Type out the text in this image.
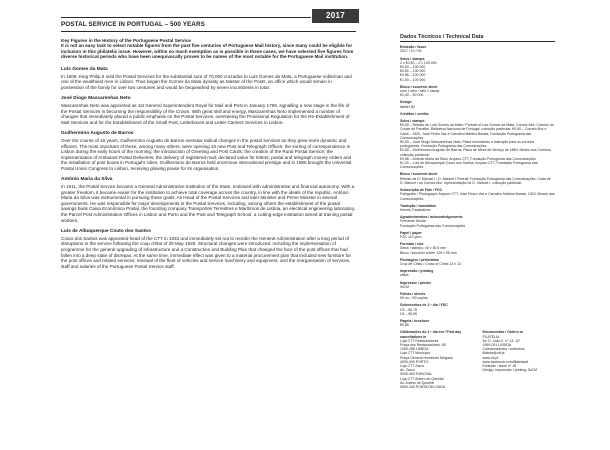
2017
POSTAL SERVICE IN PORTUGAL – 500 YEARS
Key Figures in the History of the Portuguese Postal Service

It is not an easy task to select notable figures from the past five centuries of Portuguese Mail history, since many could be eligible for inclusion in this philatelic issue. However, within so much exemption as is possible in these cases, we have selected five figures from diverse historical periods who have been unequivocally proven to be names of the most notable for the Portuguese Mail institution.

Luís Gomes da Mata

In 1606, King Philip II sold the Postal Services for the substantial sum of 70,000 cruzados to Luís Gomes da Mata, a Portuguese nobleman and one of the wealthiest men in Lisbon. Thus began the Gomes da Mata dynasty as Master of the Posts, an office which would remain in possession of the family for over two centuries and would be bequeathed by seven incumbents in total.

José Diogo Mascarenhas Neto

Mascarenhas Neto was appointed as 1st General Superintendent Royal for Mail and Post in January 1799, signalling a new stage in the life of the Postal Services in becoming the responsibility of the Crown. With great skill and energy, Mascarenhas Neto implemented a number of changes that immediately placed a public emphasis on the Postal Services, overseeing the Provisional Regulation for the Re-Establishment of Mail Services and for the Establishment of the Small Post, Letterboxes and Letter Carriers Services in Lisbon.

Guilhermino Augusto de Barros

Over the course of 16 years, Guilhermino Augusto de Barros oversaw radical changes in the postal services as they grew more dynamic and efficient. The most important of these, among many others, were opening 33 new Post and Telegraph Offices; the sorting of correspondence in Lisbon during the early hours of the morning; the introduction of Greeting and Post Cards; the creation of the Rural Postal Service; the implementation of Ambulant Postal Deliveries; the delivery of registered mail; declared value for letters; postal and telegraph money orders and the installation of post boxes in Portugal's cities. Guilhermino de Barros held enormous international prestige and in 1885 brought the Universal Postal Union Congress to Lisbon, receiving glowing praise for its organisation.

António Maria da Silva

In 1911, the Postal Service became a General Administrative Institution of the State, endowed with administrative and financial autonomy. With a greater freedom, it became easier for the institution to achieve total coverage across the country, in line with the ideals of the republic. António Maria da Silva was instrumental in pursuing these goals. As Head of the Postal Services and later Minister and Prime Minister in several governments. He was responsible for major developments in the Postal Services, including, among others the establishment of the postal savings bank Caixa Económica Postal, the founding company Transportes Terrestres e Marítimos de Lisboa, an electrical engineering laboratory, the Parcel Post Administration Offices in Lisbon and Porto and the Post and Telegraph School, a cutting-edge institution aimed at training postal workers.

Luís de Albuquerque Couto dos Santos

Couto dos Santos was appointed head of the CTT in 1933 and immediately set out to reorder the General Administration after a long period of disruptions to the service following the coup d'état of 28 May 1926. Structural changes were introduced, including the implementation of programme for the general upgrading of infrastructure and a Construction and Building Plan that changed the face of the post offices that had fallen into a deep state of disrepair. At the same time, immediate effect was given to a material procurement plan that included new furniture for the post offices and related services; renewal of the fleet of vehicles and service machinery and equipment, and the reorganisation of services, staff and salaries of the Portuguese Postal Service staff.

Dados Técnicos / Technical Data
Emissão / Issue
2017 / 10 / 09
Selos / stamps
2 x €0,50 – 2 x 100 000
€0,53 – 100 000
€0,80 – 100 000
€0,86 – 100 000
€1,00 – 100 000
Bloco / souvenir sheet
com 1 selo / with 1 stamp
€1,40 – 50 000
Design
Atelier B2
Créditos / credits
Selos / stamps
€0,50 – Retrato de Luís Gomes da Mata / Portrait of Luís Gomes da Mata, Correio-Mor; Cartório do Conde de Penafiel, Biblioteca Nacional de Portugal, colecção particular. €0,50 – Correio-Mor e Carta – 1520, José Pedro Vaz e Carvalho Martins Barata, Fundação Portuguesa das Comunicações.
€0,53 – José Diogo Mascarenhas Neto; Placa recordando a Instrução para os correios portugueses, Fundação Portuguesa das Comunicações.
€0,80 – Guilhermino Augusto de Barros; Placa de Mesa de Serviço de 1880, Museu dos Correios, colecção particular.
€0,86 – António Maria da Silva; Arquivo CTT, Fundação Portuguesa das Comunicações.
€1,00 – Luís de Albuquerque Couto dos Santos; Arquivo CTT, Fundação Portuguesa das Comunicações.
Bloco / souvenir sheet
Retrato de D. Manuel I / D. Manuel I Portrait; Fundação Portuguesa das Comunicações. Carta de D. Manuel I ao Correio-Mor, representação de D. Manuel I, colecção particular.
Subscrição de Fide / FDC
Fotografia / Photograph: Arquivo CTT, José Pedro Vaz e Carvalho Martins Barata, 1920; Museu das Comunicações.
Tradução / translation
Kennis Translations
Agradecimentos / acknowledgements
Fernando Mouta
Fundação Portuguesa das Comunicações
Papel / paper
FSC 110 g/m²
Formato / size
Selos / stamps: 40 x 30,6 mm
Bloco / souvenir sheet: 125 x 95 mm
Picotagem / perforation
Cruz de Cristo / Cross of Christ 13 x 13
Impressão / printing
offset
Impressor / printer
INCM
Folhas / sheets
50 un. / 50 copies
Sobrescritos de 1.º dia / FDC
C5 – €0,75
C6 – €0,56
Pagela / brochure
€0,85
Obliterações do 1.º dia em / First day cancellations in
Loja CTT Restauradores
Praça dos Restauradores, 58
1250-188 LISBOA
Loja CTT Município
Praça General Humberto Delgado
4000-999 PORTO
Loja CTT Zarco
Av. Zarco
9000-069 FUNCHAL
Loja CTT Antero de Quental
Av. Antero de Quental
9500-160 PONTA DELGADA
Encomendas / Orders to
FILATELIA
Av. D. João II, nº 13, 12º
1999-001 LISBOA
Colecionadores / collectors
filatelia@ctt.pt
www.ctt.pt
www.facebook.com/filateliactt
Emissão / issue nº 18
Design, Impressão / printing: INCM
